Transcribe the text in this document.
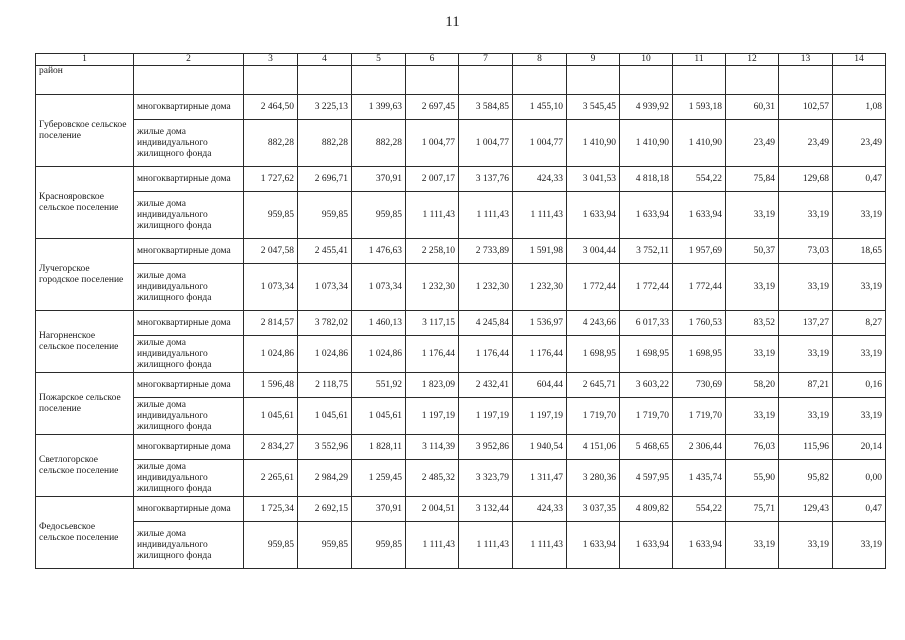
11
1	2	3	4	5	6	7	8	9	10	11	12	13	14
район													
Губеровское сельское поселение	многоквартирные дома	2 464,50	3 225,13	1 399,63	2 697,45	3 584,85	1 455,10	3 545,45	4 939,92	1 593,18	60,31	102,57	1,08
	жилые дома индивидуального жилищного фонда	882,28	882,28	882,28	1 004,77	1 004,77	1 004,77	1 410,90	1 410,90	1 410,90	23,49	23,49	23,49
Краснояровское сельское поселение	многоквартирные дома	1 727,62	2 696,71	370,91	2 007,17	3 137,76	424,33	3 041,53	4 818,18	554,22	75,84	129,68	0,47
	жилые дома индивидуального жилищного фонда	959,85	959,85	959,85	1 111,43	1 111,43	1 111,43	1 633,94	1 633,94	1 633,94	33,19	33,19	33,19
Лучегорское городское поселение	многоквартирные дома	2 047,58	2 455,41	1 476,63	2 258,10	2 733,89	1 591,98	3 004,44	3 752,11	1 957,69	50,37	73,03	18,65
	жилые дома индивидуального жилищного фонда	1 073,34	1 073,34	1 073,34	1 232,30	1 232,30	1 232,30	1 772,44	1 772,44	1 772,44	33,19	33,19	33,19
Нагорненское сельское поселение	многоквартирные дома	2 814,57	3 782,02	1 460,13	3 117,15	4 245,84	1 536,97	4 243,66	6 017,33	1 760,53	83,52	137,27	8,27
	жилые дома индивидуального жилищного фонда	1 024,86	1 024,86	1 024,86	1 176,44	1 176,44	1 176,44	1 698,95	1 698,95	1 698,95	33,19	33,19	33,19
Пожарское сельское поселение	многоквартирные дома	1 596,48	2 118,75	551,92	1 823,09	2 432,41	604,44	2 645,71	3 603,22	730,69	58,20	87,21	0,16
	жилые дома индивидуального жилищного фонда	1 045,61	1 045,61	1 045,61	1 197,19	1 197,19	1 197,19	1 719,70	1 719,70	1 719,70	33,19	33,19	33,19
Светлогорское сельское поселение	многоквартирные дома	2 834,27	3 552,96	1 828,11	3 114,39	3 952,86	1 940,54	4 151,06	5 468,65	2 306,44	76,03	115,96	20,14
	жилые дома индивидуального жилищного фонда	2 265,61	2 984,29	1 259,45	2 485,32	3 323,79	1 311,47	3 280,36	4 597,95	1 435,74	55,90	95,82	0,00
Федосьевское сельское поселение	многоквартирные дома	1 725,34	2 692,15	370,91	2 004,51	3 132,44	424,33	3 037,35	4 809,82	554,22	75,71	129,43	0,47
	жилые дома индивидуального жилищного фонда	959,85	959,85	959,85	1 111,43	1 111,43	1 111,43	1 633,94	1 633,94	1 633,94	33,19	33,19	33,19
